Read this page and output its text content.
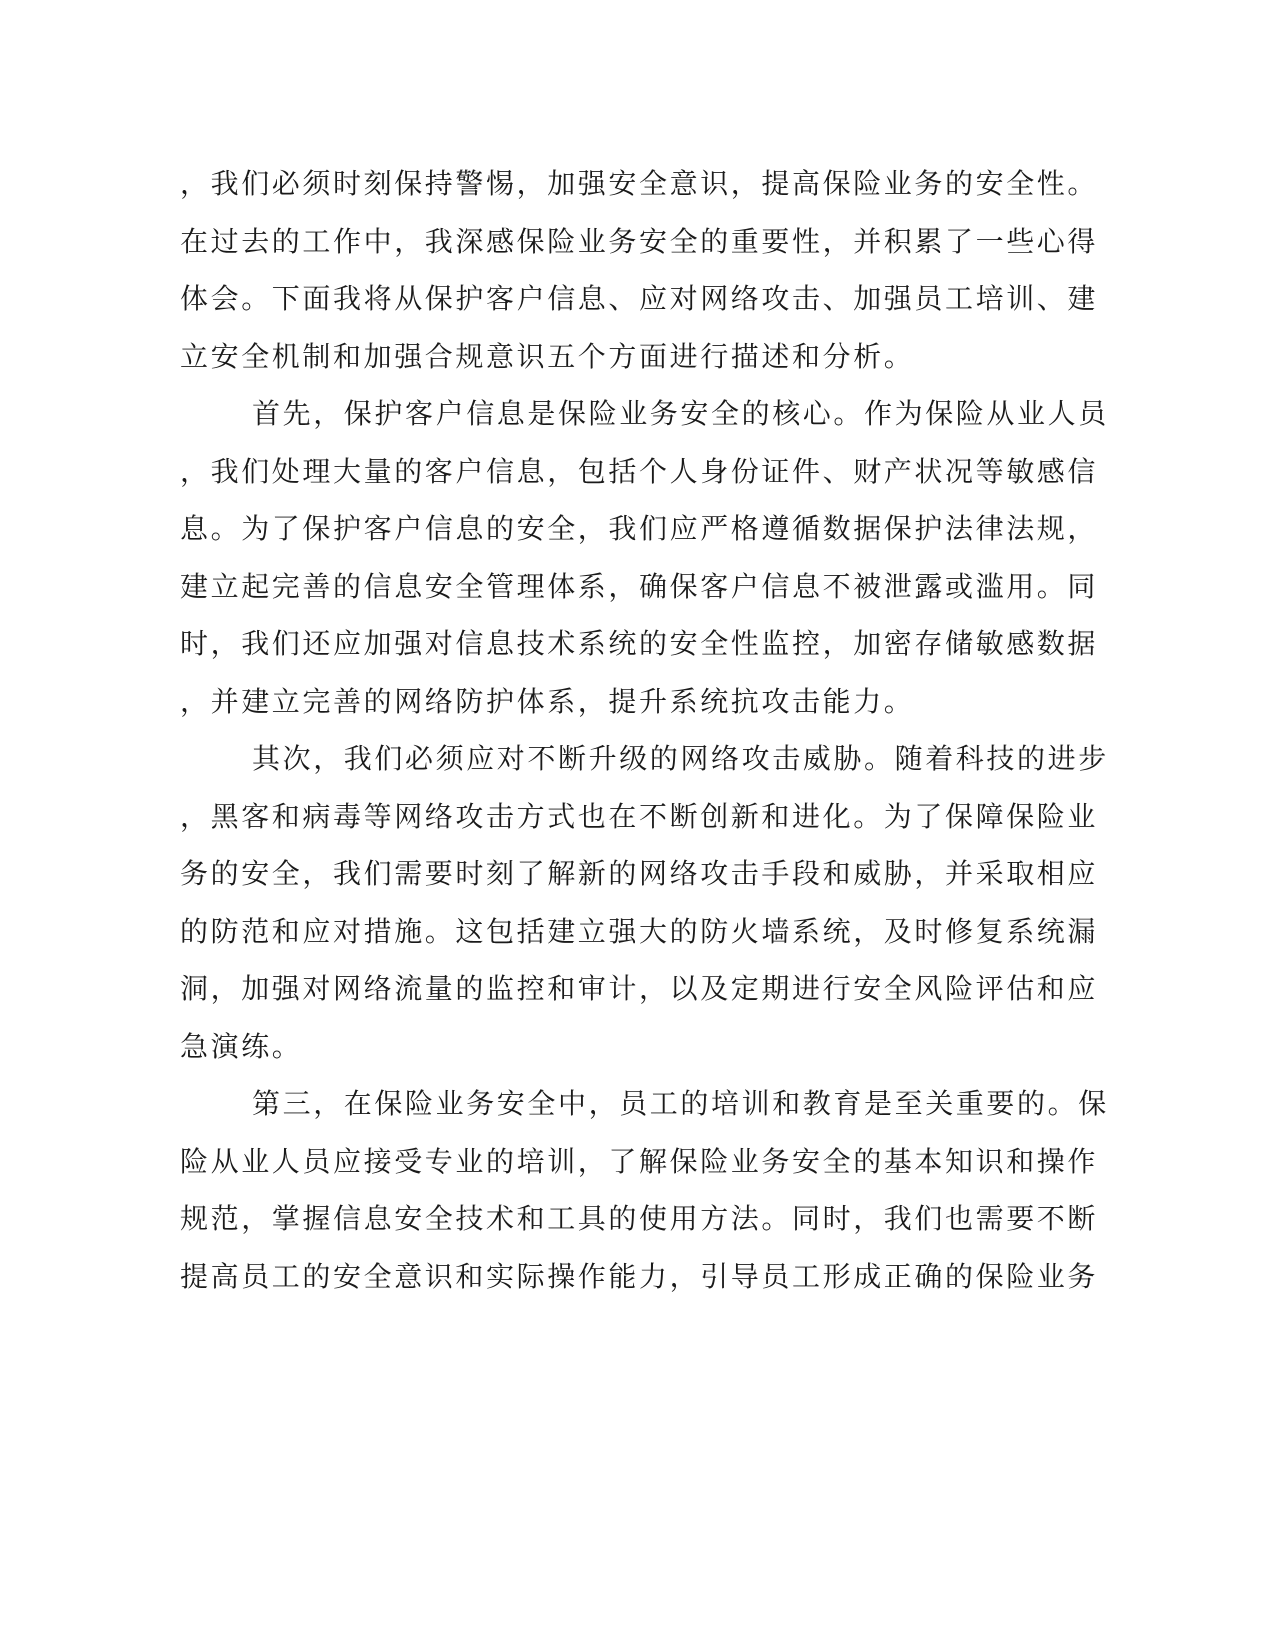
，我们必须时刻保持警惕，加强安全意识，提高保险业务的安全性。
在过去的工作中，我深感保险业务安全的重要性，并积累了一些心得
体会。下面我将从保护客户信息、应对网络攻击、加强员工培训、建
立安全机制和加强合规意识五个方面进行描述和分析。
首先，保护客户信息是保险业务安全的核心。作为保险从业人员
，我们处理大量的客户信息，包括个人身份证件、财产状况等敏感信
息。为了保护客户信息的安全，我们应严格遵循数据保护法律法规，
建立起完善的信息安全管理体系，确保客户信息不被泄露或滥用。同
时，我们还应加强对信息技术系统的安全性监控，加密存储敏感数据
，并建立完善的网络防护体系，提升系统抗攻击能力。
其次，我们必须应对不断升级的网络攻击威胁。随着科技的进步
，黑客和病毒等网络攻击方式也在不断创新和进化。为了保障保险业
务的安全，我们需要时刻了解新的网络攻击手段和威胁，并采取相应
的防范和应对措施。这包括建立强大的防火墙系统，及时修复系统漏
洞，加强对网络流量的监控和审计，以及定期进行安全风险评估和应
急演练。
第三，在保险业务安全中，员工的培训和教育是至关重要的。保
险从业人员应接受专业的培训，了解保险业务安全的基本知识和操作
规范，掌握信息安全技术和工具的使用方法。同时，我们也需要不断
提高员工的安全意识和实际操作能力，引导员工形成正确的保险业务
